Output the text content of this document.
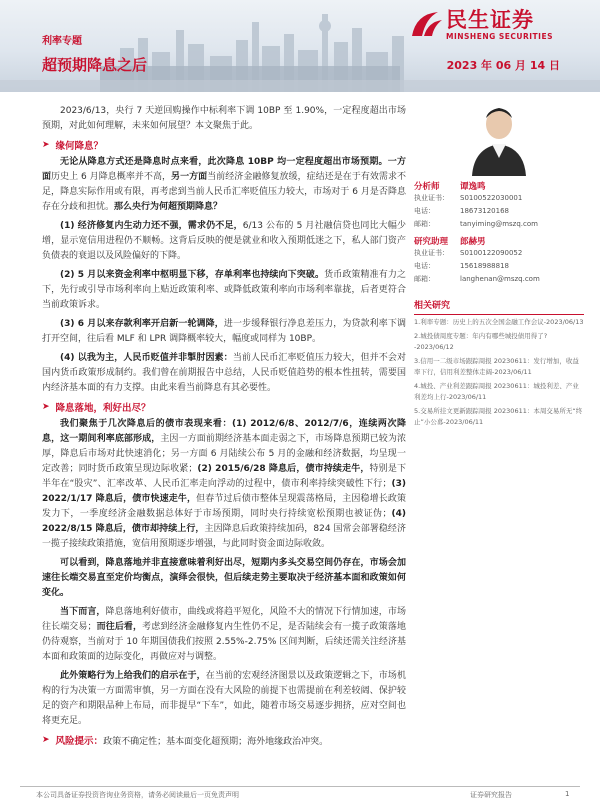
利率专题
超预期降息之后	2023 年 06 月 14 日
民生证券
MINSHENG SECURITIES

2023/6/13，央行 7 天逆回购操作中标利率下调 10BP 至 1.90%，一定程度超出市场预期，对此如何理解，未来如何展望？本文聚焦于此。

➤ 缘何降息？

无论从降息方式还是降息时点来看，此次降息 10BP 均一定程度超出市场预期。一方面历史上 6 月降息概率并不高，另一方面当前经济金融修复放缓，症结还是在于有效需求不足，降息实际作用或有限，再考虑到当前人民币汇率贬值压力较大，市场对于 6 月是否降息存在分歧和担忧。那么央行为何超预期降息？

(1) 经济修复内生动力还不强，需求仍不足，6/13 公布的 5 月社融信贷也同比大幅少增，显示宽信用进程仍不顺畅。这背后反映的便是就业和收入预期低迷之下，私人部门资产负债表的衰退以及风险偏好的下降。

(2) 5 月以来资金利率中枢明显下移，存单利率也持续向下突破。货币政策精准有力之下，先行或引导市场利率向上贴近政策利率、或降低政策利率向市场利率靠拢，后者更符合当前政策诉求。

(3) 6 月以来存款利率开启新一轮调降，进一步缓释银行净息差压力，为贷款利率下调打开空间，往后看 MLF 和 LPR 调降概率较大，幅度或同样为 10BP。

(4) 以我为主，人民币贬值并非掣肘因素：当前人民币汇率贬值压力较大，但并不会对国内货币政策形成制约。我们曾在前期报告中总结，人民币贬值趋势的根本性扭转，需要国内经济基本面的有力支撑。由此来看当前降息有其必要性。

➤ 降息落地，利好出尽？

我们聚焦于几次降息后的债市表现来看：(1) 2012/6/8、2012/7/6，连续两次降息，这一期间利率底部形成，主因一方面前期经济基本面走弱之下，市场降息预期已较为浓厚，降息后市场对此快速消化；另一方面 6 月陆续公布 5 月的金融和经济数据，均呈现一定改善；同时货币政策呈现边际收紧；(2) 2015/6/28 降息后，债市持续走牛，特别是下半年在“股灾”、汇率改革、人民币汇率走向浮动的过程中，债市利率持续突破性下行；(3) 2022/1/17 降息后，债市快速走牛，但春节过后债市整体呈现震荡格局，主因稳增长政策发力下，一季度经济金融数据总体好于市场预期，同时央行持续宽松预期也被证伪；(4) 2022/8/15 降息后，债市却持续上行，主因降息后政策持续加码，824 国常会部署稳经济一揽子接续政策措施，宽信用预期逐步增强，与此同时资金面边际收敛。

可以看到，降息落地并非直接意味着利好出尽，短期内多头交易空间仍存在，市场会加速往长端交易直至定价均衡点，演绎会很快，但后续走势主要取决于经济基本面和政策如何变化。

当下而言，降息落地利好债市，曲线或将趋平短化，风险不大的情况下行情加速，市场往长端交易；而往后看，考虑到经济金融修复内生性仍不足，是否陆续会有一揽子政策落地仍待观察，当前对于 10 年期国债我们按照 2.55%-2.75% 区间判断，后续还需关注经济基本面和政策面的边际变化，再做应对与调整。

此外策略行为上给我们的启示在于，在当前的宏观经济图景以及政策逻辑之下，市场机构的行为决策一方面需审慎，另一方面在没有大风险的前提下也需提前在利差较阔、保护较足的资产和期限品种上布局，而非提早“下车”，如此，随着市场交易逐步拥挤，应对空间也将更充足。

➤ 风险提示： 政策不确定性；基本面变化超预期；海外地缘政治冲突。
分析师	谭逸鸣
执业证书：	S0100522030001
电话：	18673120168
邮箱：	tanyiming@mszq.com
研究助理	郎赫男
执业证书：	S0100122090052
电话：	15618988818
邮箱：	langhenan@mszq.com
相关研究
1.利率专题：历史上的五次全国金融工作会议-2023/06/13
2.城投债周度专题：年内有哪些城投债用得了? -2023/06/12
3.信用一二级市场跟踪周报 20230611：发行增加，收益率下行，信用利差整体走阔-2023/06/11
4.城投、产业利差跟踪周报 20230611：城投利差、产业利差均上行-2023/06/11
5.交易所挂文更新跟踪周报 20230611：本周交易所无“终止”小公募-2023/06/11
本公司具备证券投资咨询业务资格，请务必阅读最后一页免责声明	证券研究报告	1
